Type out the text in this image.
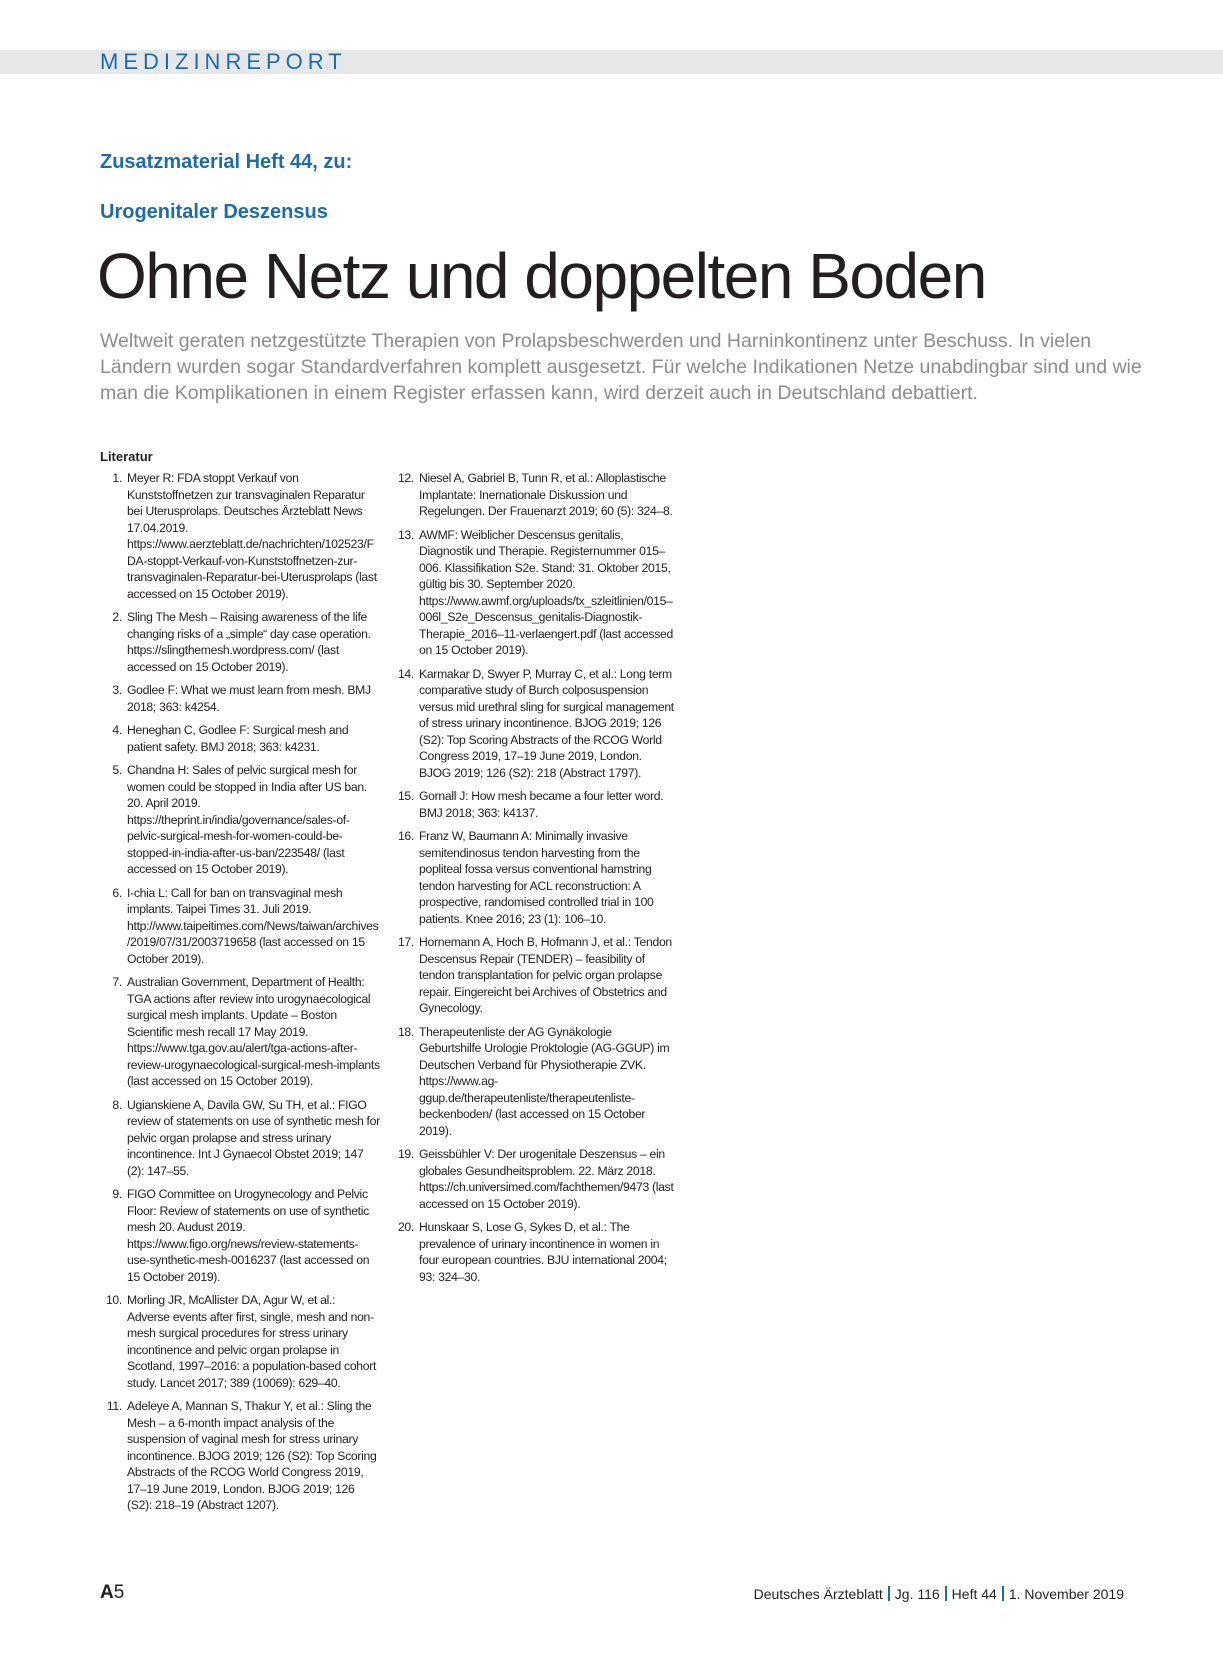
MEDIZINREPORT
Zusatzmaterial Heft 44, zu:
Urogenitaler Deszensus
Ohne Netz und doppelten Boden

Weltweit geraten netzgestützte Therapien von Prolapsbeschwerden und Harninkontinenz unter Beschuss. In vielen Ländern wurden sogar Standardverfahren komplett ausgesetzt. Für welche Indikationen Netze unabdingbar sind und wie man die Komplikationen in einem Register erfassen kann, wird derzeit auch in Deutschland debattiert.

Literatur
1. Meyer R: FDA stoppt Verkauf von Kunststoffnetzen zur transvaginalen Reparatur bei Uterusprolaps. Deutsches Ärzteblatt News 17.04.2019. https://www.aerzteblatt.de/nachrichten/102523/FDA-stoppt-Verkauf-von-Kunststoffnetzen-zur-transvaginalen-Reparatur-bei-Uterusprolaps (last accessed on 15 October 2019).
2. Sling The Mesh – Raising awareness of the life changing risks of a „simple“ day case operation. https://slingthemesh.wordpress.com/ (last accessed on 15 October 2019).
3. Godlee F: What we must learn from mesh. BMJ 2018; 363: k4254.
4. Heneghan C, Godlee F: Surgical mesh and patient safety. BMJ 2018; 363: k4231.
5. Chandna H: Sales of pelvic surgical mesh for women could be stopped in India after US ban. 20. April 2019. https://theprint.in/india/governance/sales-of-pelvic-surgical-mesh-for-women-could-be-stopped-in-india-after-us-ban/223548/ (last accessed on 15 October 2019).
6. I-chia L: Call for ban on transvaginal mesh implants. Taipei Times 31. Juli 2019. http://www.taipeitimes.com/News/taiwan/archives/2019/07/31/2003719658 (last accessed on 15 October 2019).
7. Australian Government, Department of Health: TGA actions after review into urogynaecological surgical mesh implants. Update – Boston Scientific mesh recall 17 May 2019. https://www.tga.gov.au/alert/tga-actions-after-review-urogynaecological-surgical-mesh-implants (last accessed on 15 October 2019).
8. Ugianskiene A, Davila GW, Su TH, et al.: FIGO review of statements on use of synthetic mesh for pelvic organ prolapse and stress urinary incontinence. Int J Gynaecol Obstet 2019; 147 (2): 147–55.
9. FIGO Committee on Urogynecology and Pelvic Floor: Review of statements on use of synthetic mesh 20. Audust 2019. https://www.figo.org/news/review-statements-use-synthetic-mesh-0016237 (last accessed on 15 October 2019).
10. Morling JR, McAllister DA, Agur W, et al.: Adverse events after first, single, mesh and non-mesh surgical procedures for stress urinary incontinence and pelvic organ prolapse in Scotland, 1997–2016: a population-based cohort study. Lancet 2017; 389 (10069): 629–40.
11. Adeleye A, Mannan S, Thakur Y, et al.: Sling the Mesh – a 6-month impact analysis of the suspension of vaginal mesh for stress urinary incontinence. BJOG 2019; 126 (S2): Top Scoring Abstracts of the RCOG World Congress 2019, 17–19 June 2019, London. BJOG 2019; 126 (S2): 218–19 (Abstract 1207).
12. Niesel A, Gabriel B, Tunn R, et al.: Alloplastische Implantate: Inernationale Diskussion und Regelungen. Der Frauenarzt 2019; 60 (5): 324–8.
13. AWMF: Weiblicher Descensus genitalis, Diagnostik und Therapie. Registernummer 015–006. Klassifikation S2e. Stand: 31. Oktober 2015, gültig bis 30. September 2020. https://www.awmf.org/uploads/tx_szleitlinien/015–006l_S2e_Descensus_genitalis-Diagnostik-Therapie_2016–11-verlaengert.pdf (last accessed on 15 October 2019).
14. Karmakar D, Swyer P, Murray C, et al.: Long term comparative study of Burch colposuspension versus mid urethral sling for surgical management of stress urinary incontinence. BJOG 2019; 126 (S2): Top Scoring Abstracts of the RCOG World Congress 2019, 17–19 June 2019, London. BJOG 2019; 126 (S2): 218 (Abstract 1797).
15. Gornall J: How mesh became a four letter word. BMJ 2018; 363: k4137.
16. Franz W, Baumann A: Minimally invasive semitendinosus tendon harvesting from the popliteal fossa versus conventional hamstring tendon harvesting for ACL reconstruction: A prospective, randomised controlled trial in 100 patients. Knee 2016; 23 (1): 106–10.
17. Hornemann A, Hoch B, Hofmann J, et al.: Tendon Descensus Repair (TENDER) – feasibility of tendon transplantation for pelvic organ prolapse repair. Eingereicht bei Archives of Obstetrics and Gynecology.
18. Therapeutenliste der AG Gynäkologie Geburtshilfe Urologie Proktologie (AG-GGUP) im Deutschen Verband für Physiotherapie ZVK. https://www.ag-ggup.de/therapeutenliste/therapeutenliste-beckenboden/ (last accessed on 15 October 2019).
19. Geissbühler V: Der urogenitale Deszensus – ein globales Gesundheitsproblem. 22. März 2018. https://ch.universimed.com/fachthemen/9473 (last accessed on 15 October 2019).
20. Hunskaar S, Lose G, Sykes D, et al.: The prevalence of urinary incontinence in women in four european countries. BJU international 2004; 93: 324–30.
A5	Deutsches Ärzteblatt Jg. 116 Heft 44 1. November 2019
